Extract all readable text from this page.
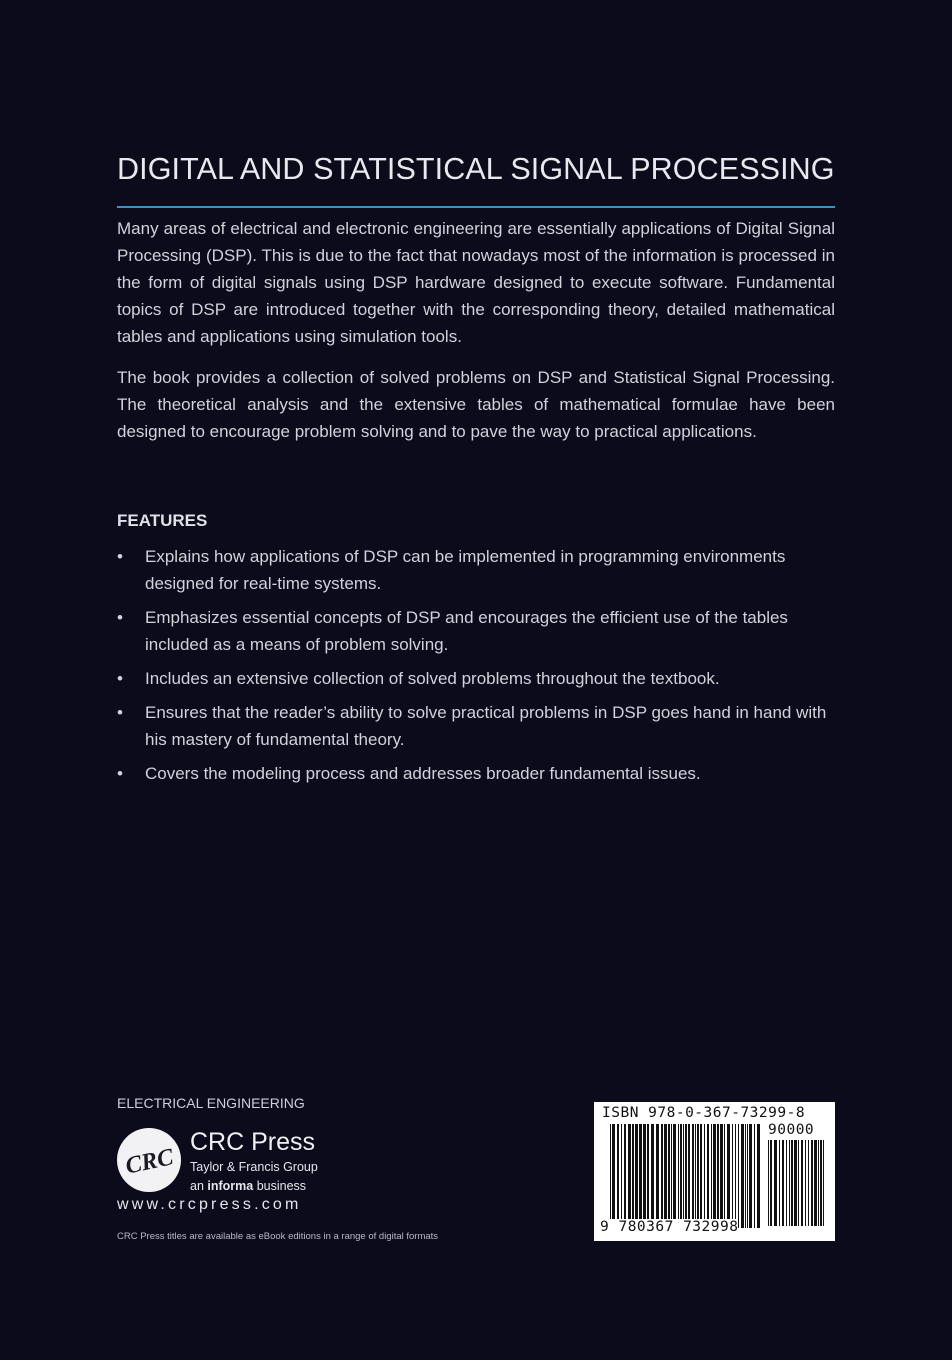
DIGITAL AND STATISTICAL SIGNAL PROCESSING

Many areas of electrical and electronic engineering are essentially applications of Digital Signal Processing (DSP). This is due to the fact that nowadays most of the information is processed in the form of digital signals using DSP hardware designed to execute software. Fundamental topics of DSP are introduced together with the corresponding theory, detailed mathematical tables and applications using simulation tools.

The book provides a collection of solved problems on DSP and Statistical Signal Processing. The theoretical analysis and the extensive tables of mathematical formulae have been designed to encourage problem solving and to pave the way to practical applications.

FEATURES
• Explains how applications of DSP can be implemented in programming environments designed for real-time systems.
• Emphasizes essential concepts of DSP and encourages the efficient use of the tables included as a means of problem solving.
• Includes an extensive collection of solved problems throughout the textbook.
• Ensures that the reader’s ability to solve practical problems in DSP goes hand in hand with his mastery of fundamental theory.
• Covers the modeling process and addresses broader fundamental issues.
ELECTRICAL ENGINEERING
CRC
CRC Press
Taylor & Francis Group
an informa business
www.crcpress.com
CRC Press titles are available as eBook editions in a range of digital formats
ISBN 978-0-367-73299-8
90000
9 780367 732998
